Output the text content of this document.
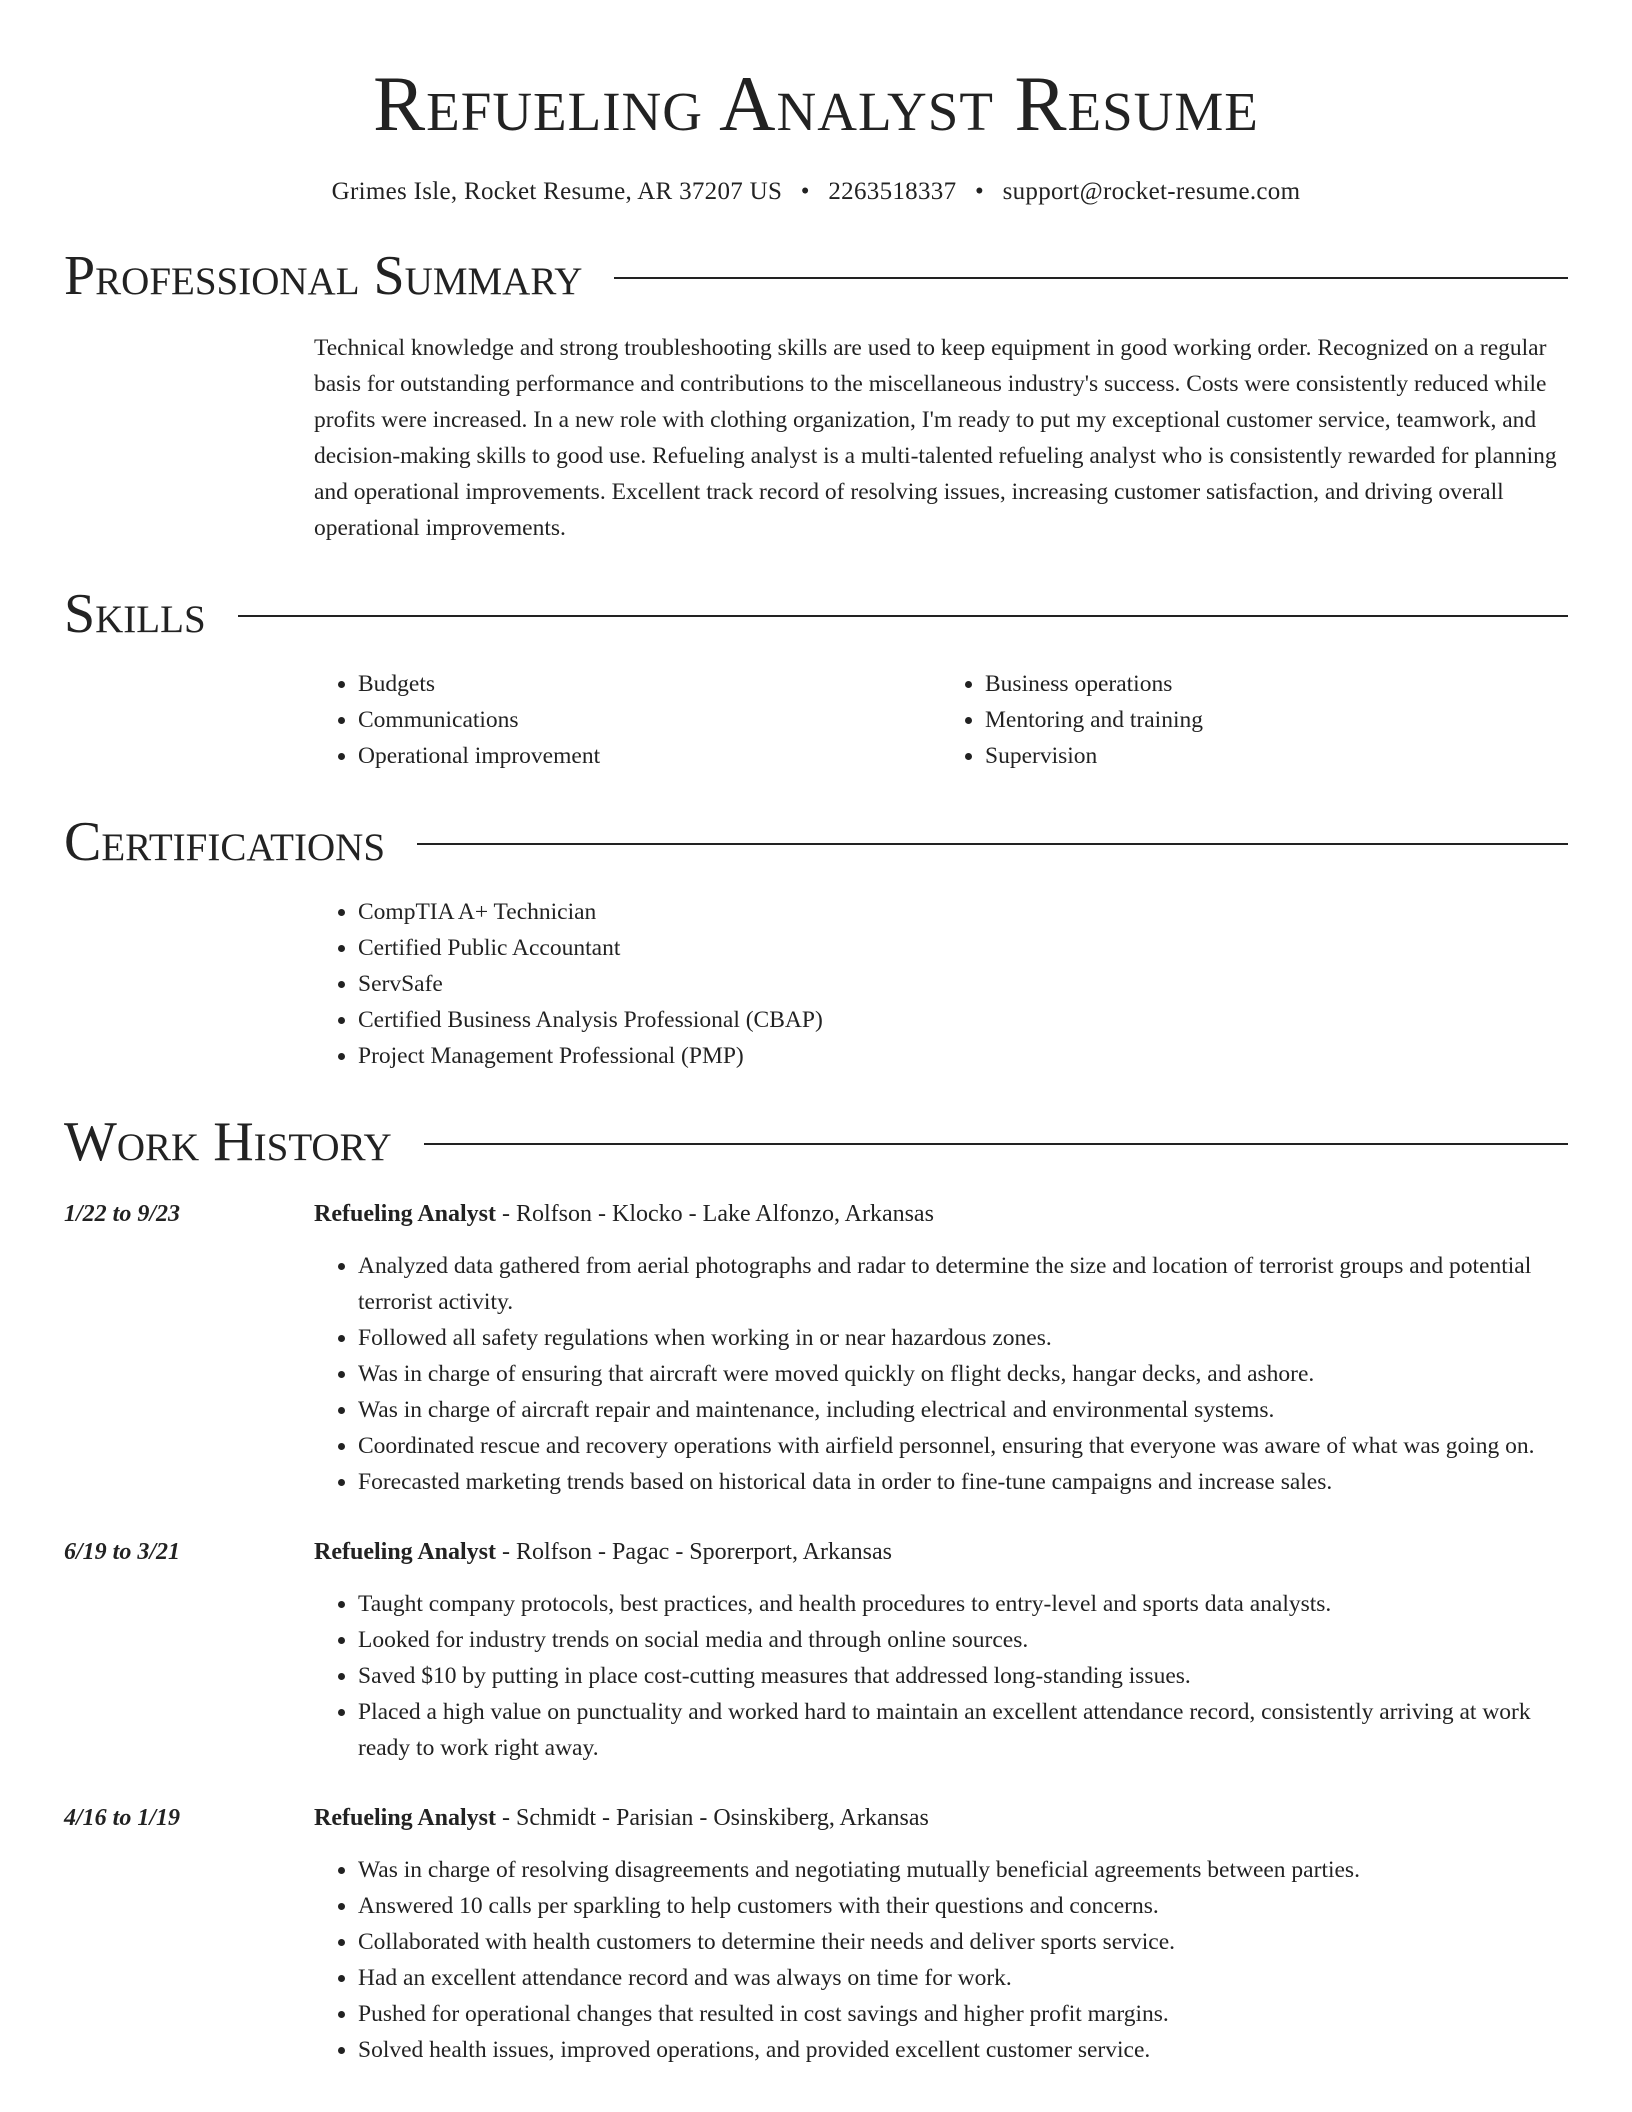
Refueling Analyst Resume
Grimes Isle, Rocket Resume, AR 37207 US • 2263518337 • support@rocket-resume.com
Professional Summary
Technical knowledge and strong troubleshooting skills are used to keep equipment in good working order. Recognized on a regular basis for outstanding performance and contributions to the miscellaneous industry's success. Costs were consistently reduced while profits were increased. In a new role with clothing organization, I'm ready to put my exceptional customer service, teamwork, and decision-making skills to good use. Refueling analyst is a multi-talented refueling analyst who is consistently rewarded for planning and operational improvements. Excellent track record of resolving issues, increasing customer satisfaction, and driving overall operational improvements.
Skills
• Budgets
• Communications
• Operational improvement
• Business operations
• Mentoring and training
• Supervision
Certifications
• CompTIA A+ Technician
• Certified Public Accountant
• ServSafe
• Certified Business Analysis Professional (CBAP)
• Project Management Professional (PMP)
Work History
1/22 to 9/23	Refueling Analyst - Rolfson - Klocko - Lake Alfonzo, Arkansas
• Analyzed data gathered from aerial photographs and radar to determine the size and location of terrorist groups and potential terrorist activity.
• Followed all safety regulations when working in or near hazardous zones.
• Was in charge of ensuring that aircraft were moved quickly on flight decks, hangar decks, and ashore.
• Was in charge of aircraft repair and maintenance, including electrical and environmental systems.
• Coordinated rescue and recovery operations with airfield personnel, ensuring that everyone was aware of what was going on.
• Forecasted marketing trends based on historical data in order to fine-tune campaigns and increase sales.
6/19 to 3/21	Refueling Analyst - Rolfson - Pagac - Sporerport, Arkansas
• Taught company protocols, best practices, and health procedures to entry-level and sports data analysts.
• Looked for industry trends on social media and through online sources.
• Saved $10 by putting in place cost-cutting measures that addressed long-standing issues.
• Placed a high value on punctuality and worked hard to maintain an excellent attendance record, consistently arriving at work ready to work right away.
4/16 to 1/19	Refueling Analyst - Schmidt - Parisian - Osinskiberg, Arkansas
• Was in charge of resolving disagreements and negotiating mutually beneficial agreements between parties.
• Answered 10 calls per sparkling to help customers with their questions and concerns.
• Collaborated with health customers to determine their needs and deliver sports service.
• Had an excellent attendance record and was always on time for work.
• Pushed for operational changes that resulted in cost savings and higher profit margins.
• Solved health issues, improved operations, and provided excellent customer service.
